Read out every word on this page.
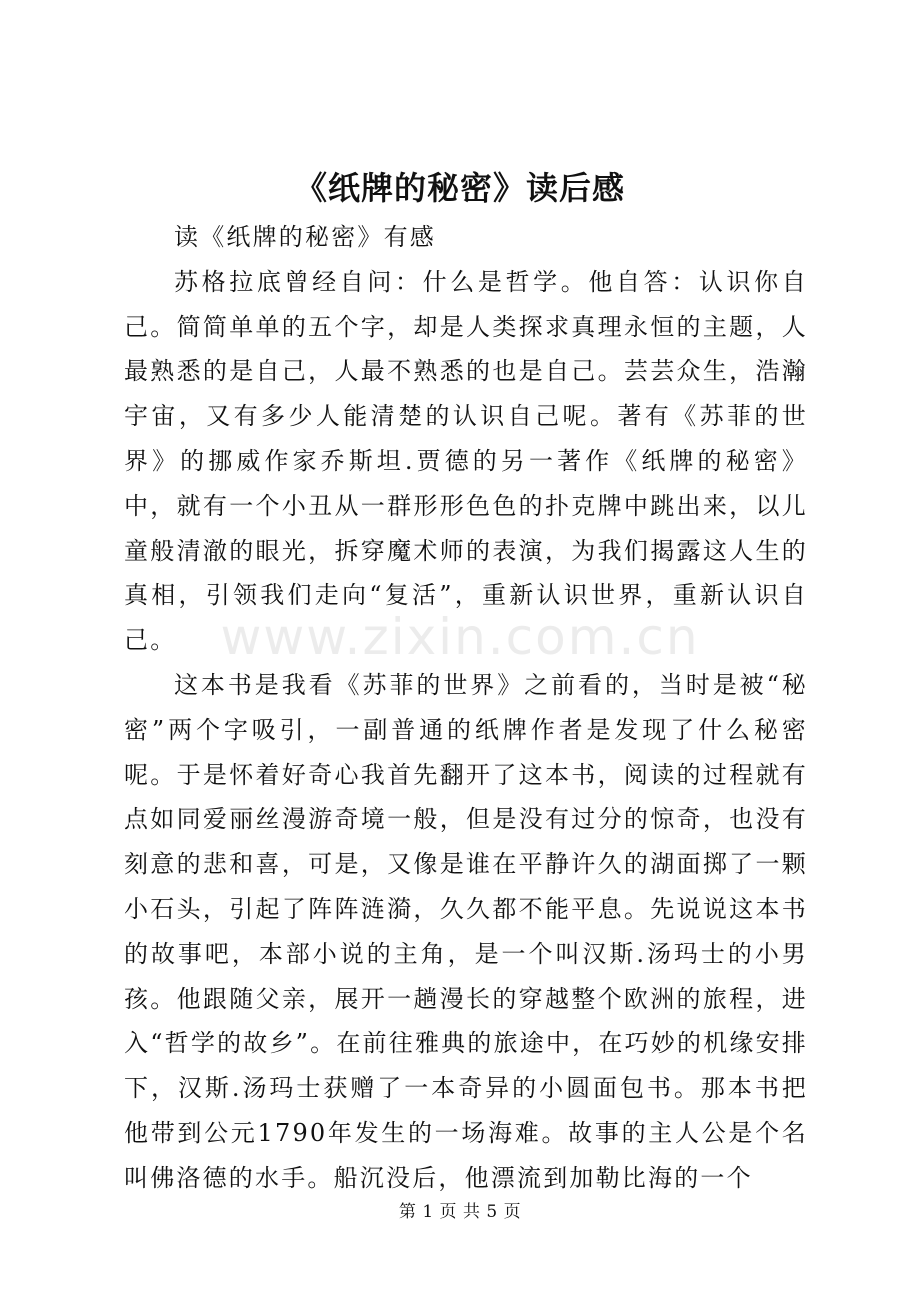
www.zixin.com.cn
《纸牌的秘密》读后感

读《纸牌的秘密》有感

苏格拉底曾经自问：什么是哲学。他自答：认识你自己。简简单单的五个字，却是人类探求真理永恒的主题，人最熟悉的是自己，人最不熟悉的也是自己。芸芸众生，浩瀚宇宙，又有多少人能清楚的认识自己呢。著有《苏菲的世界》的挪威作家乔斯坦.贾德的另一著作《纸牌的秘密》中，就有一个小丑从一群形形色色的扑克牌中跳出来，以儿童般清澈的眼光，拆穿魔术师的表演，为我们揭露这人生的真相，引领我们走向“复活”，重新认识世界，重新认识自己。

这本书是我看《苏菲的世界》之前看的，当时是被“秘密”两个字吸引，一副普通的纸牌作者是发现了什么秘密呢。于是怀着好奇心我首先翻开了这本书，阅读的过程就有点如同爱丽丝漫游奇境一般，但是没有过分的惊奇，也没有刻意的悲和喜，可是，又像是谁在平静许久的湖面掷了一颗小石头，引起了阵阵涟漪，久久都不能平息。先说说这本书的故事吧，本部小说的主角，是一个叫汉斯.汤玛士的小男孩。他跟随父亲，展开一趟漫长的穿越整个欧洲的旅程，进入“哲学的故乡”。在前往雅典的旅途中，在巧妙的机缘安排下，汉斯.汤玛士获赠了一本奇异的小圆面包书。那本书把他带到公元1790年发生的一场海难。故事的主人公是个名叫佛洛德的水手。船沉没后，他漂流到加勒比海的一个

第 1 页 共 5 页
